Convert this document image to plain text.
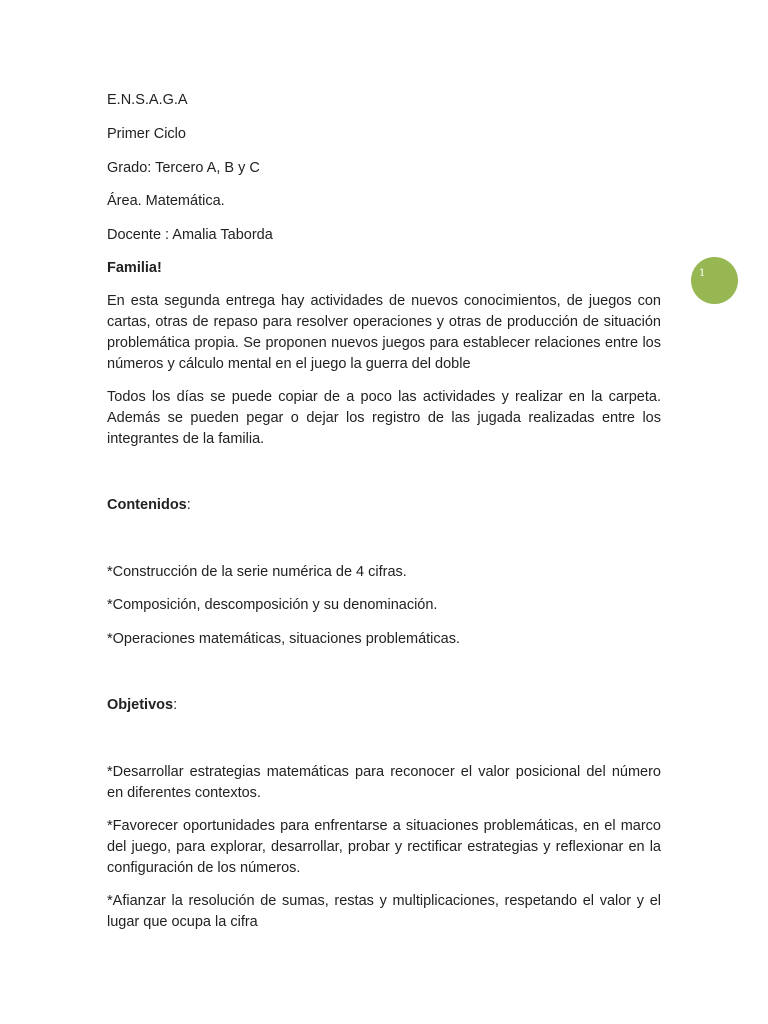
E.N.S.A.G.A

Primer Ciclo

Grado: Tercero A, B y C

Área. Matemática.

Docente : Amalia Taborda

Familia!

En esta segunda entrega hay actividades de nuevos conocimientos, de juegos con cartas, otras de repaso para resolver operaciones y otras de producción de situación problemática propia. Se proponen nuevos juegos para establecer relaciones entre los números y cálculo mental en el juego la guerra del doble

Todos los días se puede copiar de a poco las actividades y realizar en la carpeta. Además se pueden pegar o dejar los registro de las jugada realizadas entre los integrantes de la familia.

Contenidos:

*Construcción de la serie numérica de 4 cifras.

*Composición, descomposición y su denominación.

*Operaciones matemáticas, situaciones problemáticas.

Objetivos:

*Desarrollar estrategias matemáticas para reconocer el valor posicional del número en diferentes contextos.

*Favorecer oportunidades para enfrentarse a situaciones problemáticas, en el marco del juego, para explorar, desarrollar, probar y rectificar estrategias y reflexionar en la configuración de los números.

*Afianzar la resolución de sumas, restas y multiplicaciones, respetando el valor y el lugar que ocupa la cifra

1
